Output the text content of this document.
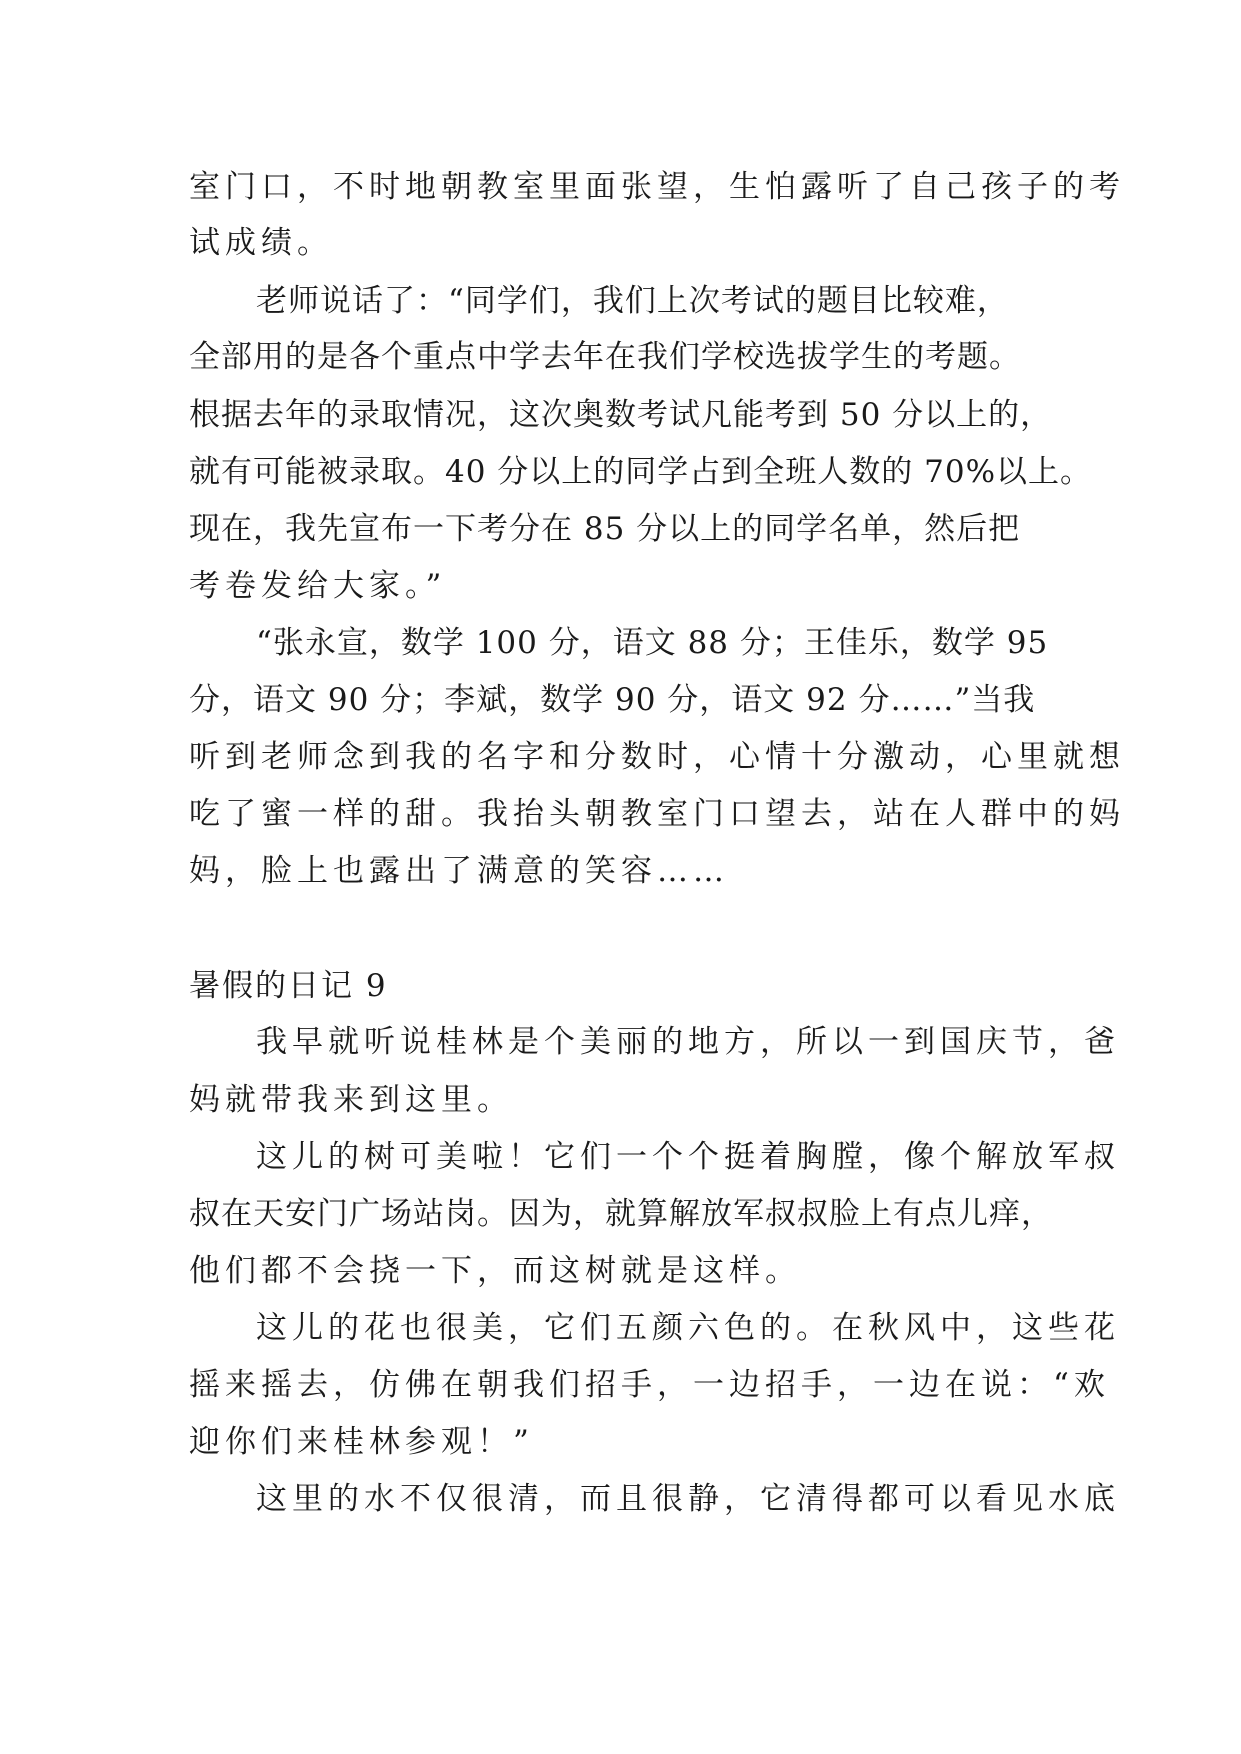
室门口，不时地朝教室里面张望，生怕露听了自己孩子的考
试成绩。
老师说话了：“同学们，我们上次考试的题目比较难，
全部用的是各个重点中学去年在我们学校选拔学生的考题。
根据去年的录取情况，这次奥数考试凡能考到 50 分以上的，
就有可能被录取。40 分以上的同学占到全班人数的 70%以上。
现在，我先宣布一下考分在 85 分以上的同学名单，然后把
考卷发给大家。”
“张永宣，数学 100 分，语文 88 分；王佳乐，数学 95
分，语文 90 分；李斌，数学 90 分，语文 92 分……”当我
听到老师念到我的名字和分数时，心情十分激动，心里就想
吃了蜜一样的甜。我抬头朝教室门口望去，站在人群中的妈
妈，脸上也露出了满意的笑容……
暑假的日记 9
我早就听说桂林是个美丽的地方，所以一到国庆节，爸
妈就带我来到这里。
这儿的树可美啦！它们一个个挺着胸膛，像个解放军叔
叔在天安门广场站岗。因为，就算解放军叔叔脸上有点儿痒，
他们都不会挠一下，而这树就是这样。
这儿的花也很美，它们五颜六色的。在秋风中，这些花
摇来摇去，仿佛在朝我们招手，一边招手，一边在说：“欢
迎你们来桂林参观！”
这里的水不仅很清，而且很静，它清得都可以看见水底
